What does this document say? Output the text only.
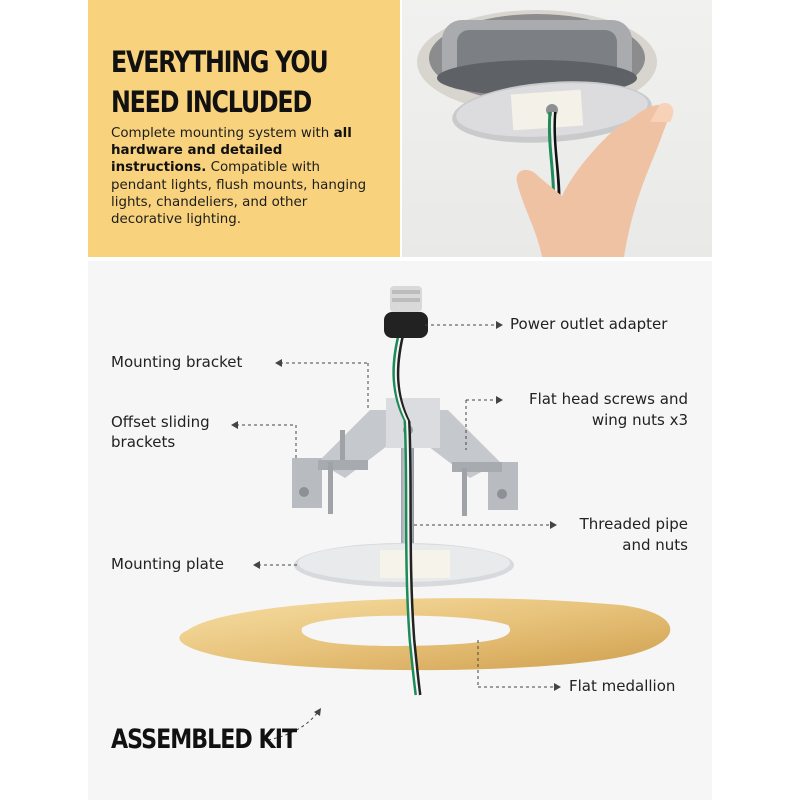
EVERYTHING YOU
NEED INCLUDED

Complete mounting system with all hardware and detailed instructions. Compatible with pendant lights, flush mounts, hanging lights, chandeliers, and other decorative lighting.

Power outlet adapter
Mounting bracket
Flat head screws and
wing nuts x3
Offset sliding
brackets
Threaded pipe
and nuts
Mounting plate
Flat medallion
ASSEMBLED KIT
